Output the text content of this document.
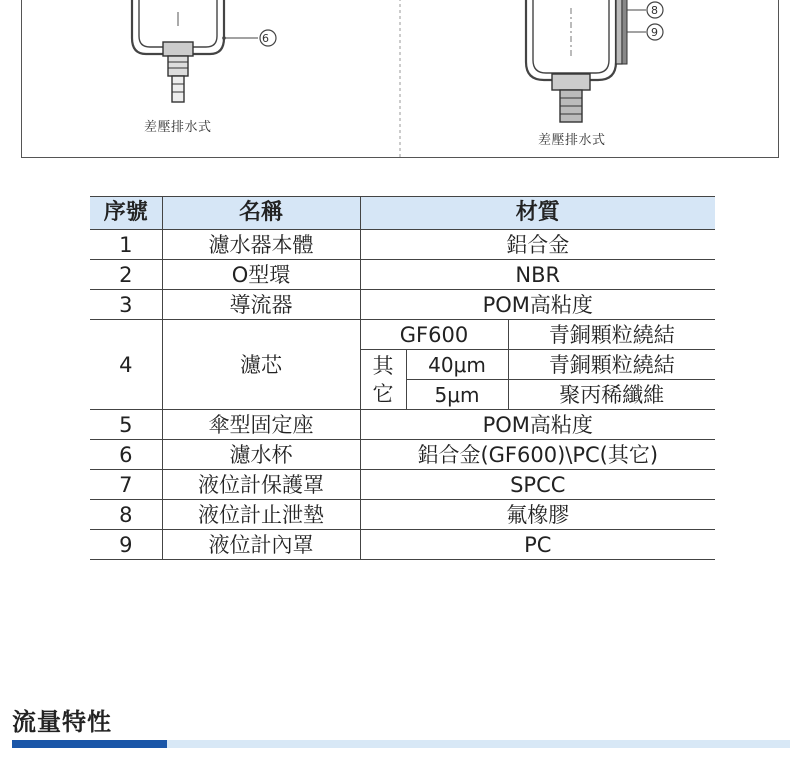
6
8
9
差壓排水式
差壓排水式
序號	名稱	材質		
1	濾水器本體	鋁合金		
2	O型環	NBR		
3	導流器	POM高粘度		
4	濾芯	GF600		青銅顆粒繞結
		其它	40μm	青銅顆粒繞結
			5μm	聚丙稀纖維
5	傘型固定座	POM高粘度		
6	濾水杯	鋁合金(GF600)\PC(其它)		
7	液位計保護罩	SPCC		
8	液位計止泄墊	氟橡膠		
9	液位計內罩	PC		
流量特性
